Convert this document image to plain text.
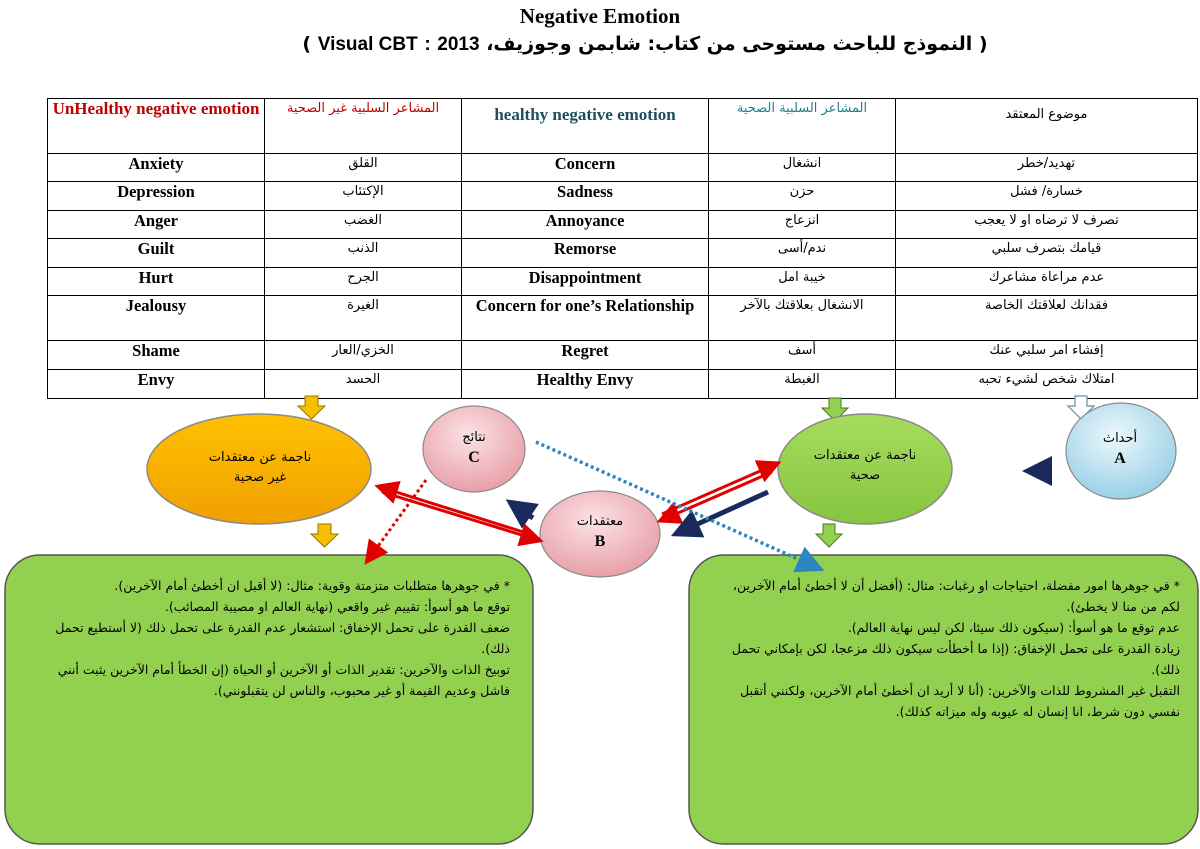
Negative Emotion
( النموذج للباحث مستوحى من كتاب: شابمن وجوزيف، 2013 : Visual CBT )
UnHealthy negative emotion	المشاعر السلبية غير الصحية	healthy negative emotion	المشاعر السلبية الصحية	موضوع المعتقد
Anxiety	القلق	Concern	انشغال	تهديد/خطر
Depression	الإكتئاب	Sadness	حزن	خسارة/ فشل
Anger	الغضب	Annoyance	انزعاج	تصرف لا ترضاه او لا يعجب
Guilt	الذنب	Remorse	ندم/أسى	قيامك بتصرف سلبي
Hurt	الجرح	Disappointment	خيبة امل	عدم مراعاة مشاعرك
Jealousy	الغيرة	Concern for one’s Relationship	الانشغال بعلاقتك بالآخر	فقدانك لعلاقتك الخاصة
Shame	الخزي/العار	Regret	أسف	إفشاء امر سلبي عنك
Envy	الحسد	Healthy Envy	الغبطة	امتلاك شخص لشيء تحبه
ناجمة عن معتقدات
غير صحية
نتائج
C
معتقدات
B
ناجمة عن معتقدات
صحية
أحداث
A

* في جوهرها متطلبات متزمتة وقوية: مثال: (لا أقبل ان أخطئ أمام الآخرين).

توقع ما هو أسوأ: تقييم غير واقعي (نهاية العالم او مصيبة المصائب).

ضعف القدرة على تحمل الإخفاق: استشعار عدم القدرة على تحمل ذلك (لا أستطيع تحمل ذلك).

توبيخ الذات والآخرين: تقدير الذات أو الآخرين أو الحياة (إن الخطأ أمام الآخرين يثبت أنني فاشل وعديم القيمة أو غير محبوب، والناس لن يتقبلونني).

* في جوهرها امور مفضلة، احتياجات او رغبات: مثال: (أفضل أن لا أخطئ أمام الآخرين، لكم من منا لا يخطئ).

عدم توقع ما هو أسوأ: (سيكون ذلك سيئا، لكن ليس نهاية العالم).

زيادة القدرة على تحمل الإخفاق: (إذا ما أخطأت سيكون ذلك مزعجا، لكن بإمكاني تحمل ذلك).

التقبل غير المشروط للذات والآخرين: (أنا لا أريد ان أخطئ أمام الآخرين، ولكنني أتقبل نفسي دون شرط، انا إنسان له عيوبه وله ميزاته كذلك).
